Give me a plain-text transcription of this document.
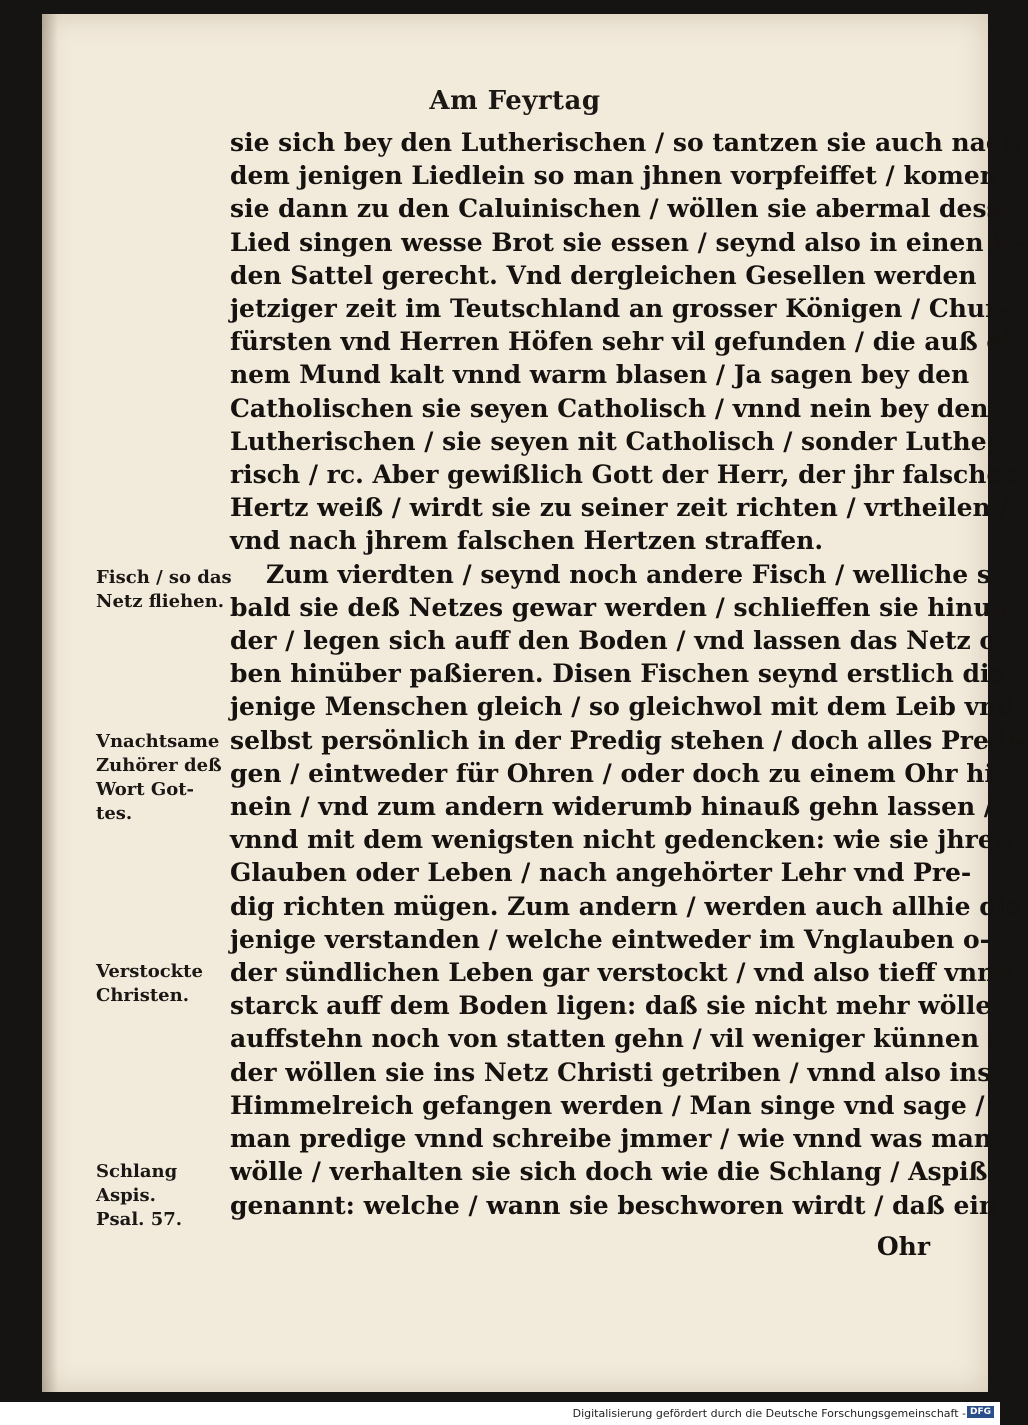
Am Feyrtag
sie sich bey den Lutherischen / so tantzen sie auch nach
dem jenigen Liedlein so man jhnen vorpfeiffet / komen
sie dann zu den Caluinischen / wöllen sie abermal desse
Lied singen wesse Brot sie essen / seynd also in einen je-
den Sattel gerecht. Vnd dergleichen Gesellen werden
jetziger zeit im Teutschland an grosser Königen / Chur-
fürsten vnd Herren Höfen sehr vil gefunden / die auß ei-
nem Mund kalt vnnd warm blasen / Ja sagen bey den
Catholischen sie seyen Catholisch / vnnd nein bey den
Lutherischen / sie seyen nit Catholisch / sonder Luthe-
risch / rc. Aber gewißlich Gott der Herr, der jhr falsches
Hertz weiß / wirdt sie zu seiner zeit richten / vrtheilen /
vnd nach jhrem falschen Hertzen straffen.
Zum vierdten / seynd noch andere Fisch / welliche so
bald sie deß Netzes gewar werden / schlieffen sie hinun-
der / legen sich auff den Boden / vnd lassen das Netz o-
ben hinüber paßieren. Disen Fischen seynd erstlich die
jenige Menschen gleich / so gleichwol mit dem Leib vnd
selbst persönlich in der Predig stehen / doch alles Predi-
gen / eintweder für Ohren / oder doch zu einem Ohr hi-
nein / vnd zum andern widerumb hinauß gehn lassen /
vnnd mit dem wenigsten nicht gedencken: wie sie jhren
Glauben oder Leben / nach angehörter Lehr vnd Pre-
dig richten mügen. Zum andern / werden auch allhie die
jenige verstanden / welche eintweder im Vnglauben o-
der sündlichen Leben gar verstockt / vnd also tieff vnnd
starck auff dem Boden ligen: daß sie nicht mehr wöllen
auffstehn noch von statten gehn / vil weniger künnen o-
der wöllen sie ins Netz Christi getriben / vnnd also ins
Himmelreich gefangen werden / Man singe vnd sage /
man predige vnnd schreibe jmmer / wie vnnd was man
wölle / verhalten sie sich doch wie die Schlang / Aspiß
genannt: welche / wann sie beschworen wirdt / daß ein
Ohr
Fisch / so das
Netz fliehen.
Vnachtsame
Zuhörer deß
Wort Got-
tes.
Verstockte
Christen.
Schlang
Aspis.
Psal. 57.
Digitalisierung gefördert durch die Deutsche Forschungsgemeinschaft - DFG
